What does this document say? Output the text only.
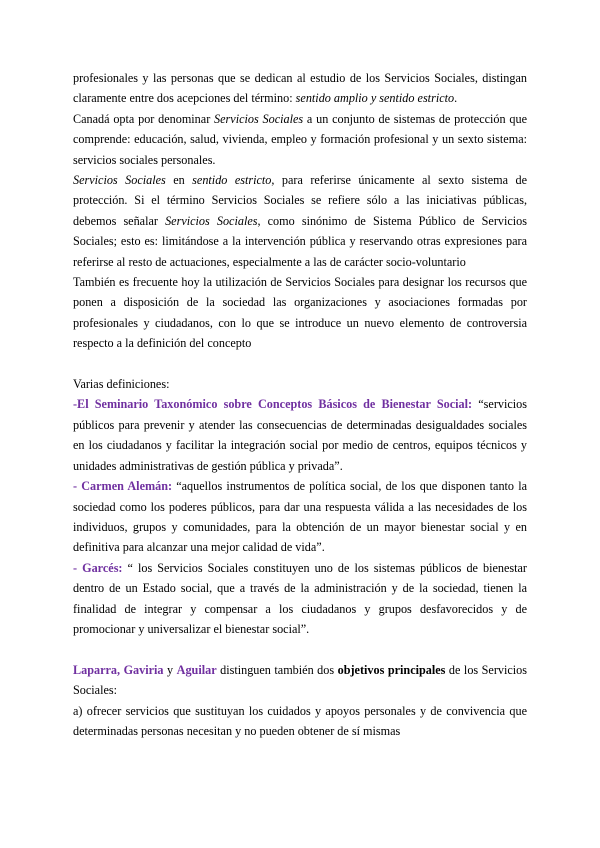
profesionales y las personas que se dedican al estudio de los Servicios Sociales, distingan claramente entre dos acepciones del término: sentido amplio y sentido estricto.

Canadá opta por denominar Servicios Sociales a un conjunto de sistemas de protección que comprende: educación, salud, vivienda, empleo y formación profesional y un sexto sistema: servicios sociales personales.

Servicios Sociales en sentido estricto, para referirse únicamente al sexto sistema de protección. Si el término Servicios Sociales se refiere sólo a las iniciativas públicas, debemos señalar Servicios Sociales, como sinónimo de Sistema Público de Servicios Sociales; esto es: limitándose a la intervención pública y reservando otras expresiones para referirse al resto de actuaciones, especialmente a las de carácter socio-voluntario

También es frecuente hoy la utilización de Servicios Sociales para designar los recursos que ponen a disposición de la sociedad las organizaciones y asociaciones formadas por profesionales y ciudadanos, con lo que se introduce un nuevo elemento de controversia respecto a la definición del concepto

Varias definiciones:

-El Seminario Taxonómico sobre Conceptos Básicos de Bienestar Social: “servicios públicos para prevenir y atender las consecuencias de determinadas desigualdades sociales en los ciudadanos y facilitar la integración social por medio de centros, equipos técnicos y unidades administrativas de gestión pública y privada”.

- Carmen Alemán: “aquellos instrumentos de política social, de los que disponen tanto la sociedad como los poderes públicos, para dar una respuesta válida a las necesidades de los individuos, grupos y comunidades, para la obtención de un mayor bienestar social y en definitiva para alcanzar una mejor calidad de vida”.

- Garcés: “ los Servicios Sociales constituyen uno de los sistemas públicos de bienestar dentro de un Estado social, que a través de la administración y de la sociedad, tienen la finalidad de integrar y compensar a los ciudadanos y grupos desfavorecidos y de promocionar y universalizar el bienestar social”.

Laparra, Gaviria y Aguilar distinguen también dos objetivos principales de los Servicios Sociales:

a) ofrecer servicios que sustituyan los cuidados y apoyos personales y de convivencia que determinadas personas necesitan y no pueden obtener de sí mismas
